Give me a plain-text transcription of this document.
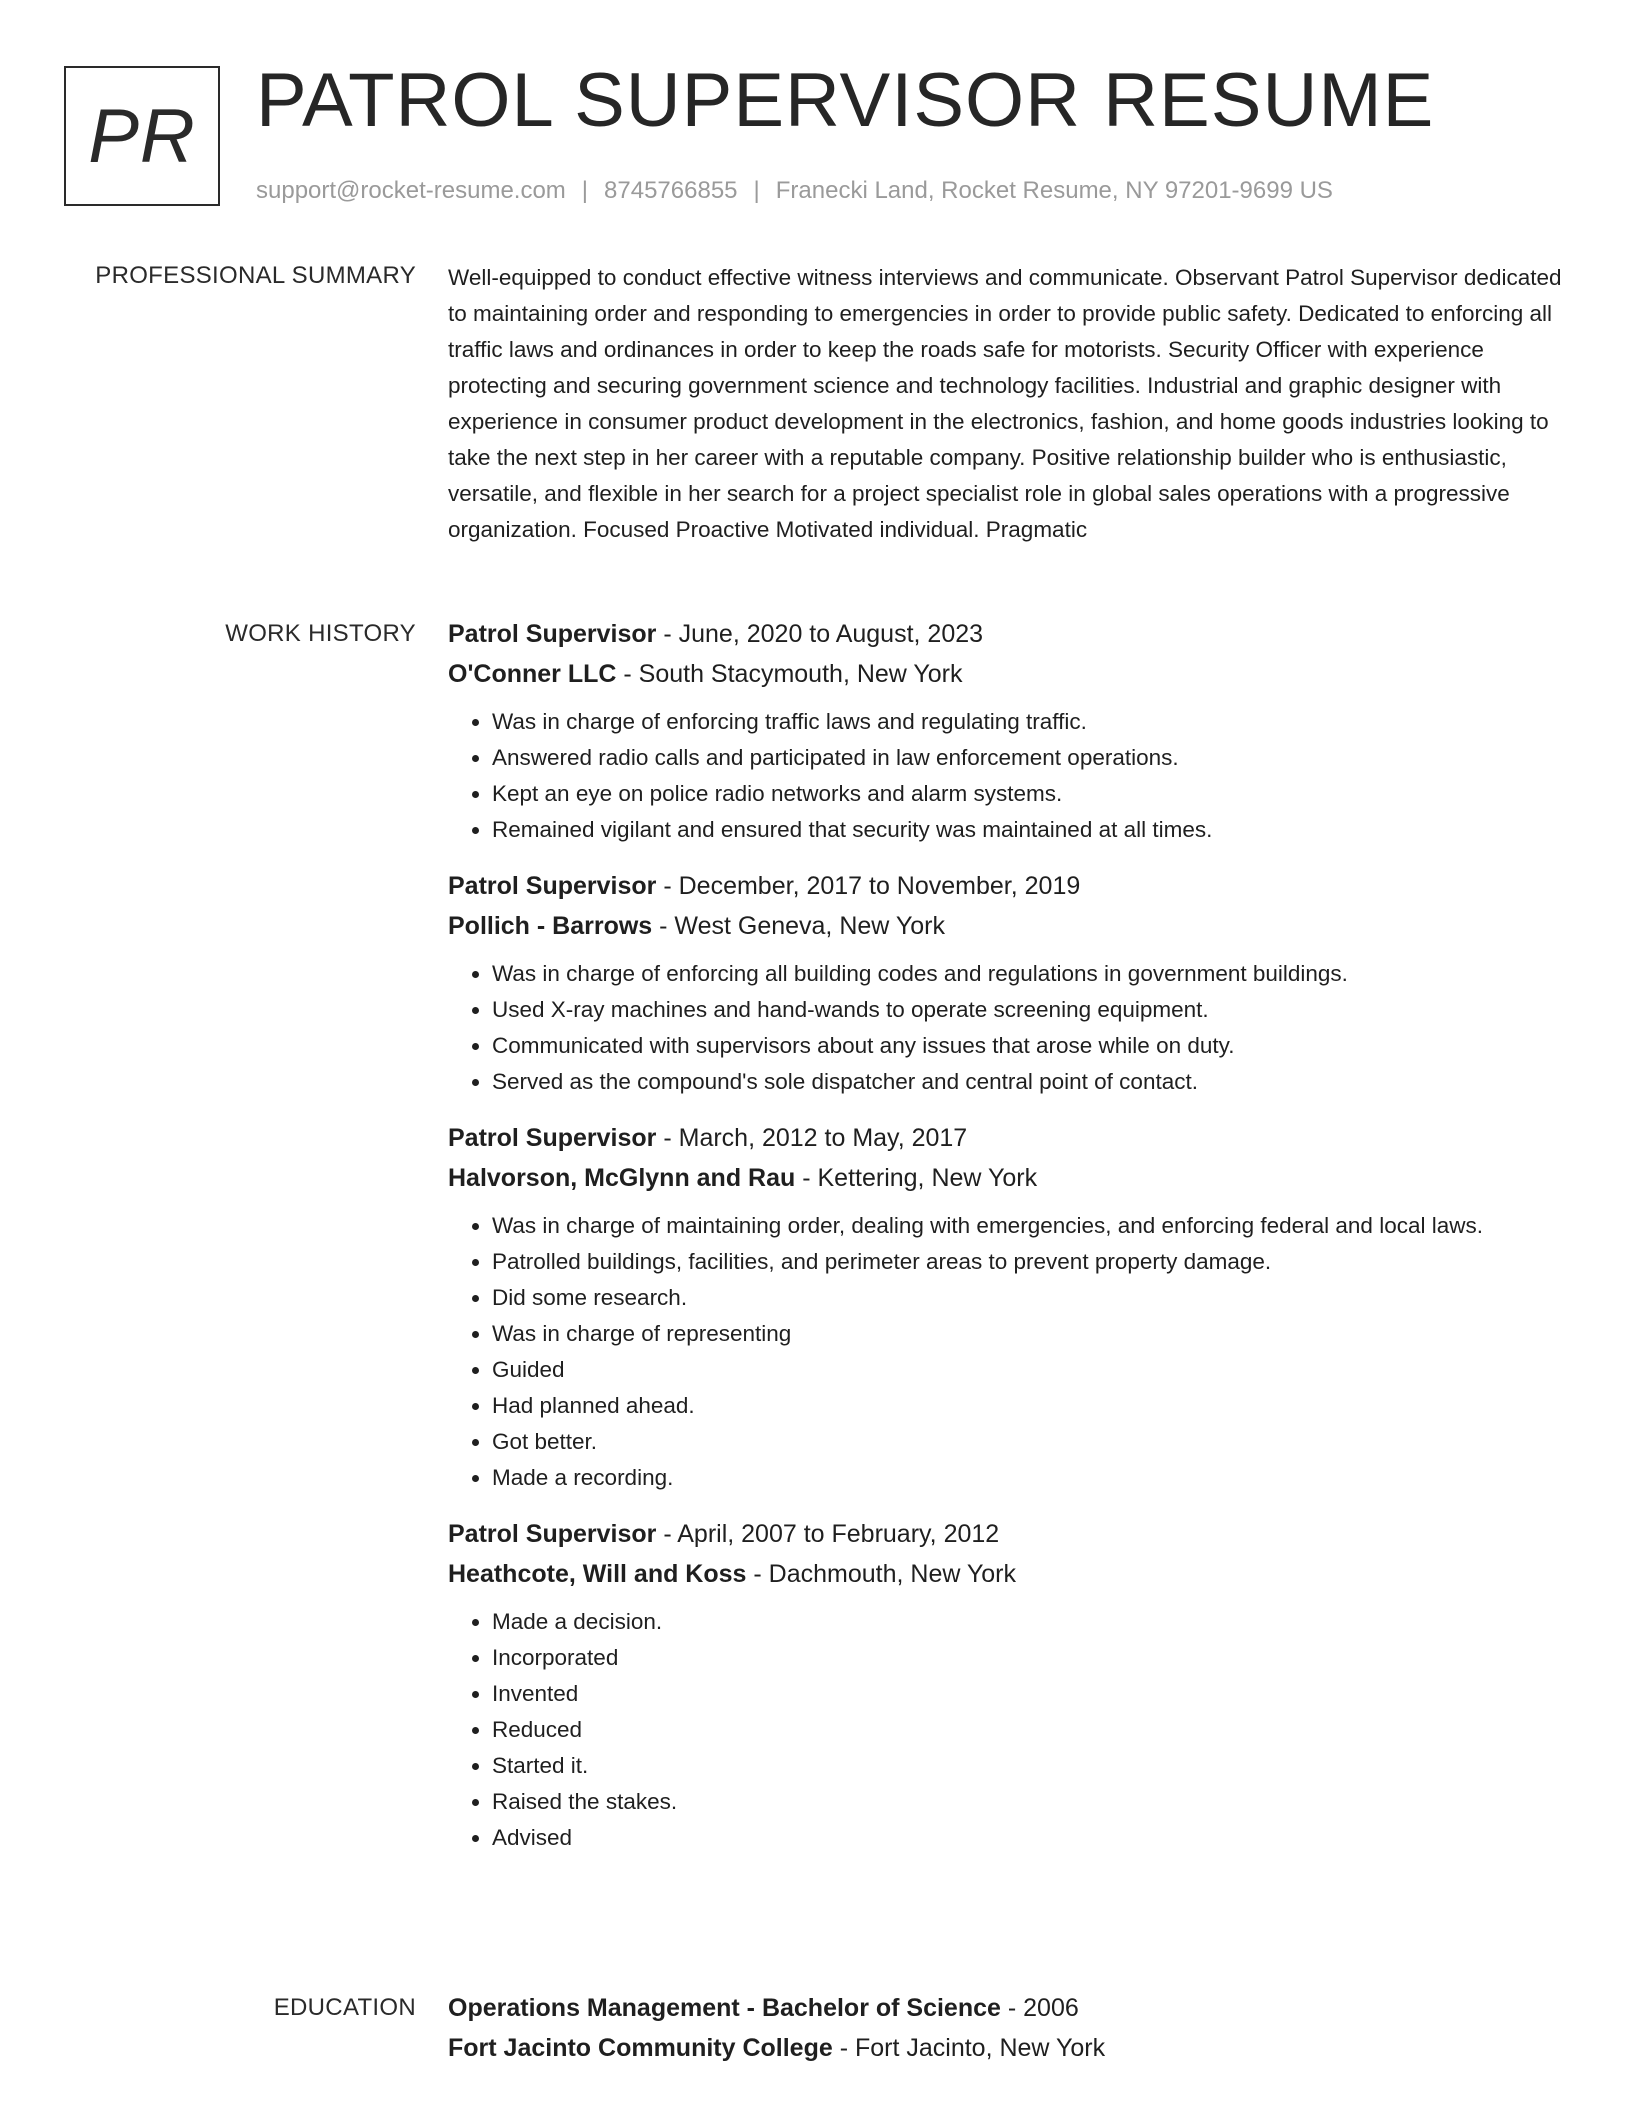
PR PATROL SUPERVISOR RESUME
support@rocket-resume.com | 8745766855 | Franecki Land, Rocket Resume, NY 97201-9699 US
PROFESSIONAL SUMMARY Well-equipped to conduct effective witness interviews and communicate. Observant Patrol Supervisor dedicated to maintaining order and responding to emergencies in order to provide public safety. Dedicated to enforcing all traffic laws and ordinances in order to keep the roads safe for motorists. Security Officer with experience protecting and securing government science and technology facilities. Industrial and graphic designer with experience in consumer product development in the electronics, fashion, and home goods industries looking to take the next step in her career with a reputable company. Positive relationship builder who is enthusiastic, versatile, and flexible in her search for a project specialist role in global sales operations with a progressive organization. Focused Proactive Motivated individual. Pragmatic

WORK HISTORY Patrol Supervisor - June, 2020 to August, 2023
O'Conner LLC - South Stacymouth, New York
• Was in charge of enforcing traffic laws and regulating traffic.
• Answered radio calls and participated in law enforcement operations.
• Kept an eye on police radio networks and alarm systems.
• Remained vigilant and ensured that security was maintained at all times.
Patrol Supervisor - December, 2017 to November, 2019
Pollich - Barrows - West Geneva, New York
• Was in charge of enforcing all building codes and regulations in government buildings.
• Used X-ray machines and hand-wands to operate screening equipment.
• Communicated with supervisors about any issues that arose while on duty.
• Served as the compound's sole dispatcher and central point of contact.
Patrol Supervisor - March, 2012 to May, 2017
Halvorson, McGlynn and Rau - Kettering, New York
• Was in charge of maintaining order, dealing with emergencies, and enforcing federal and local laws.
• Patrolled buildings, facilities, and perimeter areas to prevent property damage.
• Did some research.
• Was in charge of representing
• Guided
• Had planned ahead.
• Got better.
• Made a recording.
Patrol Supervisor - April, 2007 to February, 2012
Heathcote, Will and Koss - Dachmouth, New York
• Made a decision.
• Incorporated
• Invented
• Reduced
• Started it.
• Raised the stakes.
• Advised
EDUCATION Operations Management - Bachelor of Science - 2006
Fort Jacinto Community College - Fort Jacinto, New York
